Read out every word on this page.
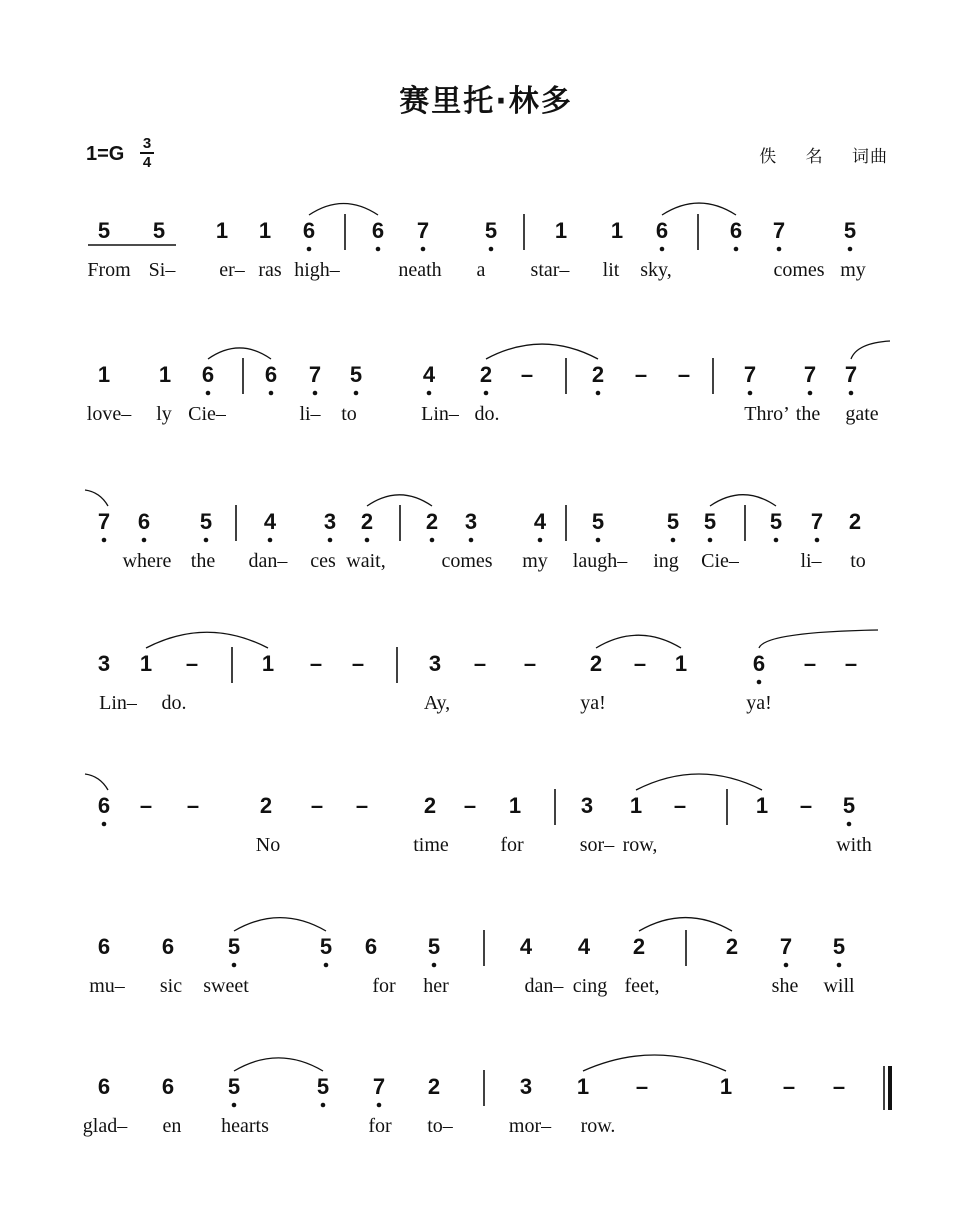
赛里托·林多
1=G 3
4	佚 名 词曲
5	5	1	1	6	6	7	5	1	1	6	6	7	5
From Si– er– ras high–	neath a star– lit sky,	comes my
1	1	6	6	7	5	4	2	–	2	–	–	7	7	7
love– ly Cie–	li– to	Lin– do.	Thro’ the gate
7	6	5	4	3	2	2	3	4	5	5	5	5	7	2
where the dan– ces wait,	comes my laugh– ing Cie–	li– to
3	1	–	1	–	–	3	–	–	2	–	1	6	–	–
Lin– do.	Ay,	ya!	ya!
6	–	–	2	–	–	2	–	1	3	1	–	1	–	5
No	time	for	sor– row,	with
6	6	5	5	6	5	4	4	2	2	7	5
mu– sic sweet	for her	dan– cing feet,	she will
6	6	5	5	7	2	3	1	–	1	–	–
glad– en hearts	for to–	mor– row.
